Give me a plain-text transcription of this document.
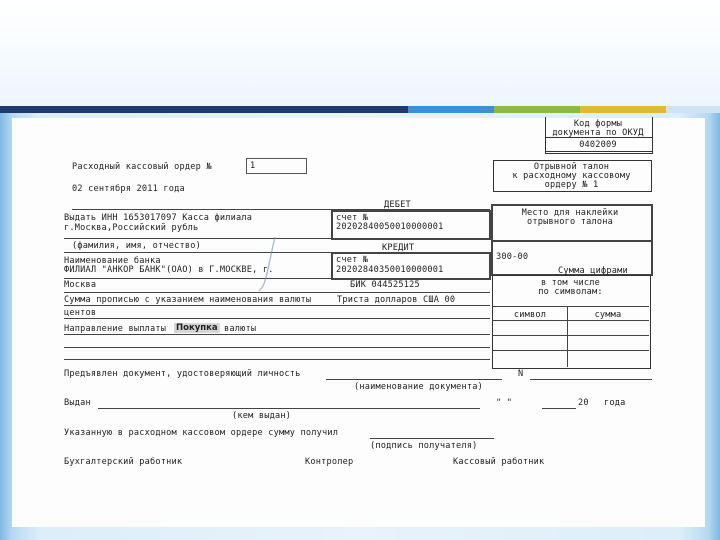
Код формы
документа по ОКУД
0402009
Расходный кассовый ордер №	1
02 сентября 2011 года
Отрывной талон
к расходному кассовому
ордеру № 1
ДЕБЕТ
Выдать ИНН 1653017097 Касса филиала
г.Москва,Российский рубль
счет №
20202840050010000001
(фамилия, имя, отчество)
Место для наклейки
отрывного талона
КРЕДИТ
Наименование банка
ФИЛИАЛ "АНКОР БАНК"(ОАО) в Г.МОСКВЕ, г.
счет №
20202840350010000001
Москва	БИК 044525125
300-00
Сумма цифрами
Сумма прописью с указанием наименования валюты	Триста долларов США 00
центов
в том числе
по символам:
символ	сумма
Направление выплаты Покупка валюты
Предъявлен документ, удостоверяющий личность	N
(наименование документа)
Выдан	" "	20 года
(кем выдан)
Указанную в расходном кассовом ордере сумму получил
(подпись получателя)
Бухгалтерский работник	Контролер	Кассовый работник
